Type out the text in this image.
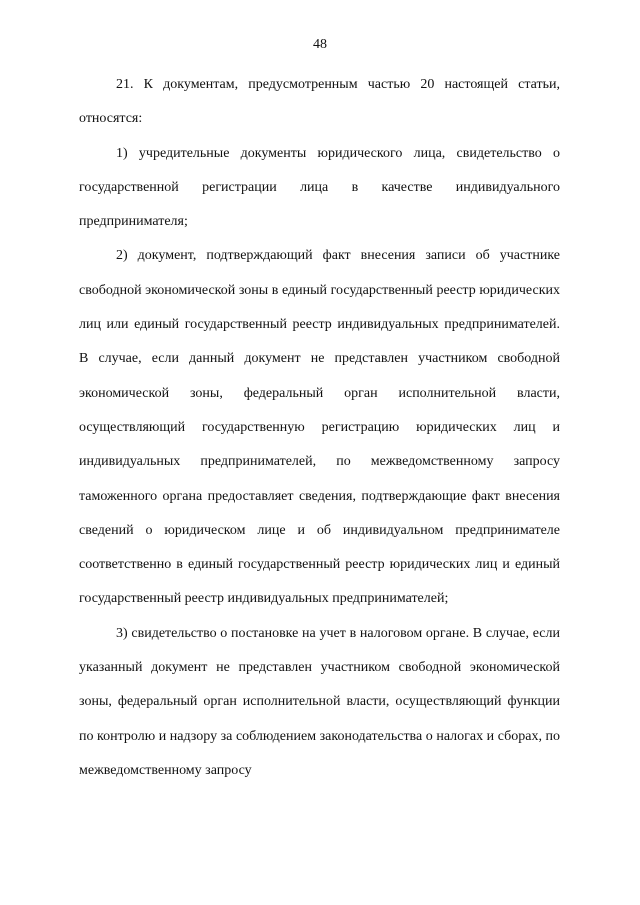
48

21. К документам, предусмотренным частью 20 настоящей статьи, относятся:

1) учредительные документы юридического лица, свидетельство о государственной регистрации лица в качестве индивидуального предпринимателя;

2) документ, подтверждающий факт внесения записи об участнике свободной экономической зоны в единый государственный реестр юридических лиц или единый государственный реестр индивидуальных предпринимателей. В случае, если данный документ не представлен участником свободной экономической зоны, федеральный орган исполнительной власти, осуществляющий государственную регистрацию юридических лиц и индивидуальных предпринимателей, по межведомственному запросу таможенного органа предоставляет сведения, подтверждающие факт внесения сведений о юридическом лице и об индивидуальном предпринимателе соответственно в единый государственный реестр юридических лиц и единый государственный реестр индивидуальных предпринимателей;

3) свидетельство о постановке на учет в налоговом органе. В случае, если указанный документ не представлен участником свободной экономической зоны, федеральный орган исполнительной власти, осуществляющий функции по контролю и надзору за соблюдением законодательства о налогах и сборах, по межведомственному запросу
